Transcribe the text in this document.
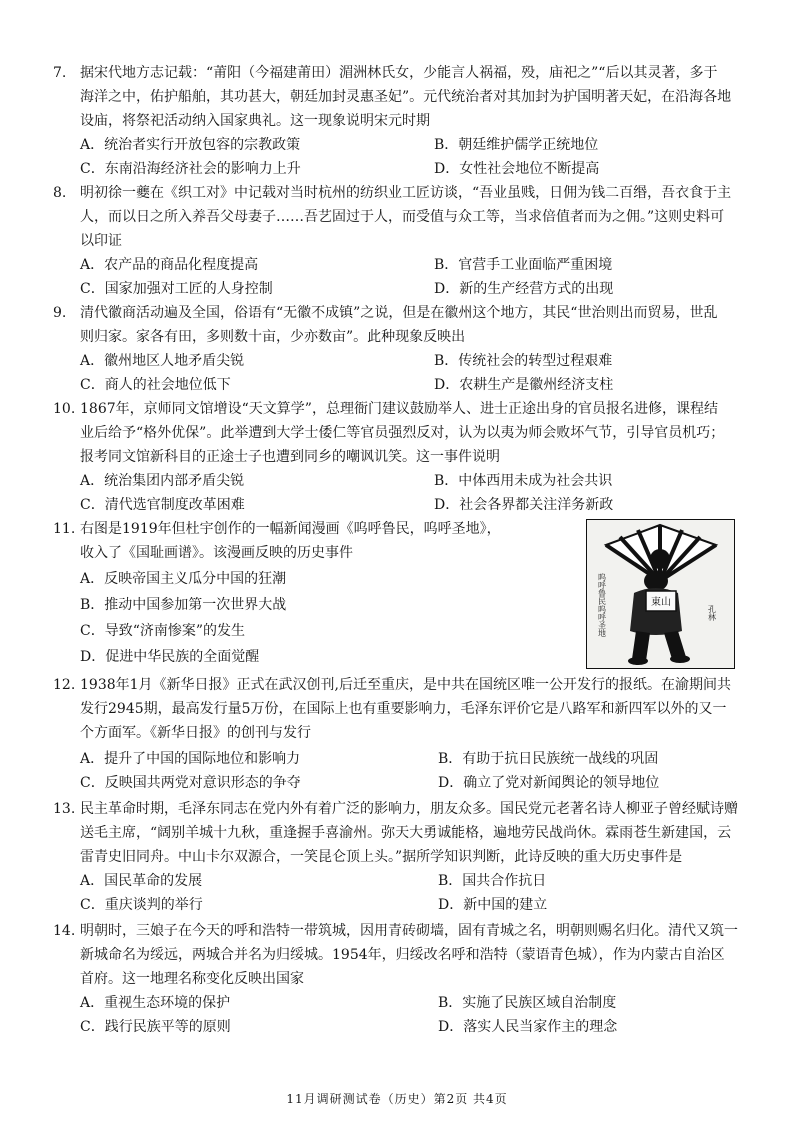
7. 据宋代地方志记载：“莆阳（今福建莆田）湄洲林氏女，少能言人祸福，殁，庙祀之”“后以其灵著，多于
海洋之中，佑护船舶，其功甚大，朝廷加封灵惠圣妃”。元代统治者对其加封为护国明著天妃，在沿海各地
设庙，将祭祀活动纳入国家典礼。这一现象说明宋元时期
A．统治者实行开放包容的宗教政策	B．朝廷维护儒学正统地位
C．东南沿海经济社会的影响力上升	D．女性社会地位不断提高
8. 明初徐一夔在《织工对》中记载对当时杭州的纺织业工匠访谈，“吾业虽贱，日佣为钱二百缗，吾衣食于主
人，而以日之所入养吾父母妻子……吾艺固过于人，而受值与众工等，当求倍值者而为之佣。”这则史料可
以印证
A．农产品的商品化程度提高	B．官营手工业面临严重困境
C．国家加强对工匠的人身控制	D．新的生产经营方式的出现
9. 清代徽商活动遍及全国，俗语有“无徽不成镇”之说，但是在徽州这个地方，其民“世治则出而贸易，世乱
则归家。家各有田，多则数十亩，少亦数亩”。此种现象反映出
A．徽州地区人地矛盾尖锐	B．传统社会的转型过程艰难
C．商人的社会地位低下	D．农耕生产是徽州经济支柱
10. 1867年，京师同文馆增设“天文算学”，总理衙门建议鼓励举人、进士正途出身的官员报名进修，课程结
业后给予“格外优保”。此举遭到大学士倭仁等官员强烈反对，认为以夷为师会败坏气节，引导官员机巧；
报考同文馆新科目的正途士子也遭到同乡的嘲讽讥笑。这一事件说明
A．统治集团内部矛盾尖锐	B．中体西用未成为社会共识
C．清代选官制度改革困难	D．社会各界都关注洋务新政
11. 右图是1919年但杜宇创作的一幅新闻漫画《呜呼鲁民，呜呼圣地》，
收入了《国耻画谱》。该漫画反映的历史事件
A．反映帝国主义瓜分中国的狂潮
B．推动中国参加第一次世界大战
C．导致“济南惨案”的发生
D．促进中华民族的全面觉醒
東山
呜呼鲁民呜呼圣地	孔林
12. 1938年1月《新华日报》正式在武汉创刊,后迁至重庆，是中共在国统区唯一公开发行的报纸。在渝期间共
发行2945期，最高发行量5万份，在国际上也有重要影响力，毛泽东评价它是八路军和新四军以外的又一
个方面军。《新华日报》的创刊与发行
A．提升了中国的国际地位和影响力	B．有助于抗日民族统一战线的巩固
C．反映国共两党对意识形态的争夺	D．确立了党对新闻舆论的领导地位
13. 民主革命时期，毛泽东同志在党内外有着广泛的影响力，朋友众多。国民党元老著名诗人柳亚子曾经赋诗赠
送毛主席，“阔别羊城十九秋，重逢握手喜渝州。弥天大勇诚能格，遍地劳民战尚休。霖雨苍生新建国，云
雷青史旧同舟。中山卡尔双源合，一笑昆仑顶上头。”据所学知识判断，此诗反映的重大历史事件是
A．国民革命的发展	B．国共合作抗日
C．重庆谈判的举行	D．新中国的建立
14. 明朝时，三娘子在今天的呼和浩特一带筑城，因用青砖砌墙，固有青城之名，明朝则赐名归化。清代又筑一
新城命名为绥远，两城合并名为归绥城。1954年，归绥改名呼和浩特（蒙语青色城），作为内蒙古自治区
首府。这一地理名称变化反映出国家
A．重视生态环境的保护	B．实施了民族区域自治制度
C．践行民族平等的原则	D．落实人民当家作主的理念
11月调研测试卷（历史）第2页 共4页
